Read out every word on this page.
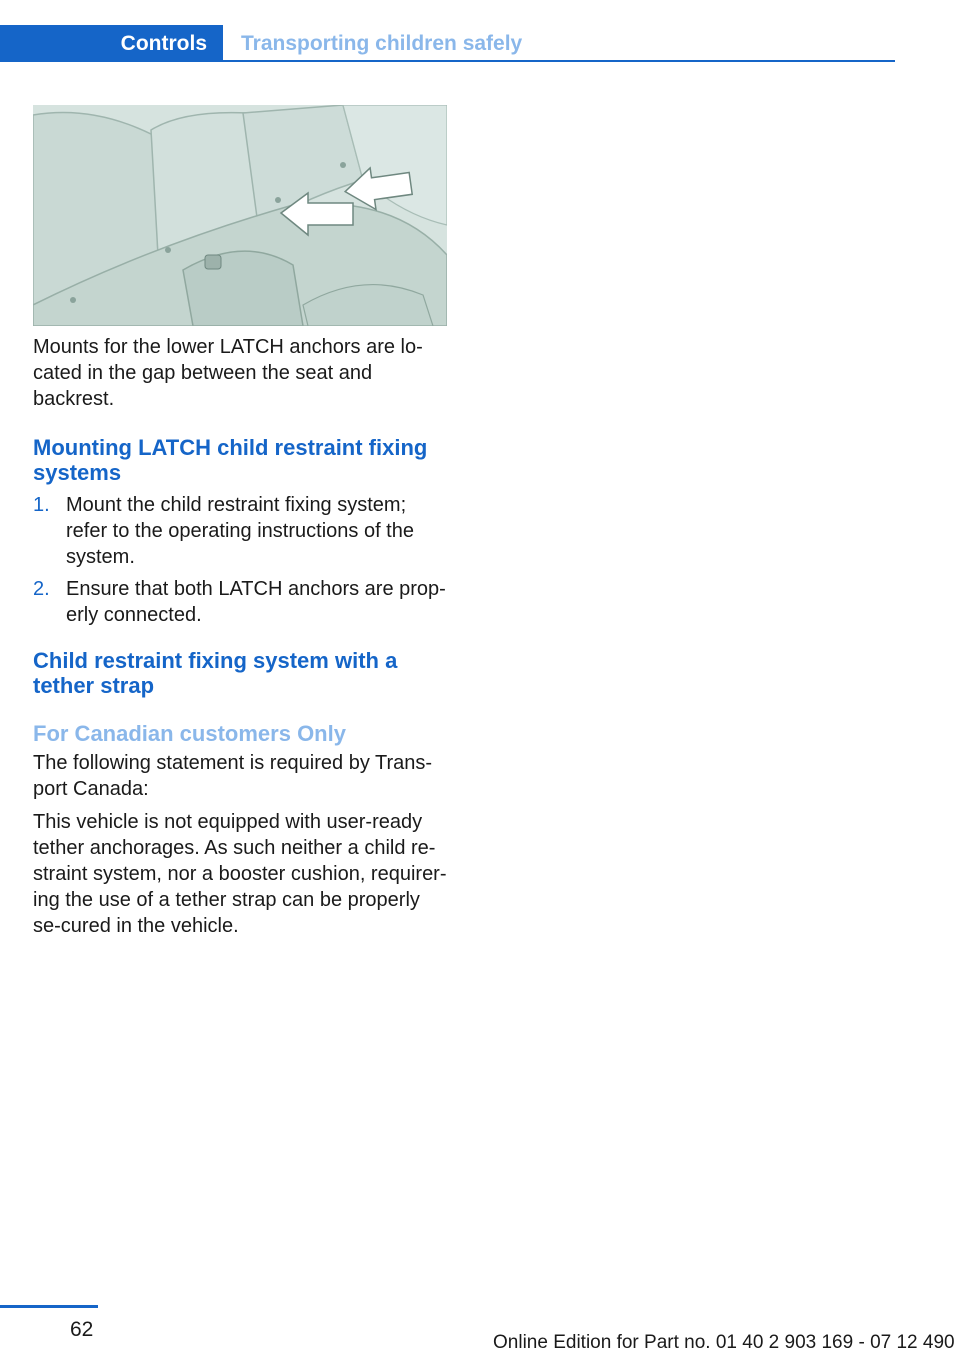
Controls	Transporting children safely

Mounts for the lower LATCH anchors are lo-cated in the gap between the seat and backrest.

Mounting LATCH child restraint fixing systems
1. Mount the child restraint fixing system; refer to the operating instructions of the system.
2. Ensure that both LATCH anchors are prop-erly connected.
Child restraint fixing system with a tether strap
For Canadian customers Only

The following statement is required by Trans-port Canada:

This vehicle is not equipped with user-ready tether anchorages. As such neither a child re-straint system, nor a booster cushion, requirer-ing the use of a tether strap can be properly se-cured in the vehicle.

62
Online Edition for Part no. 01 40 2 903 169 - 07 12 490
